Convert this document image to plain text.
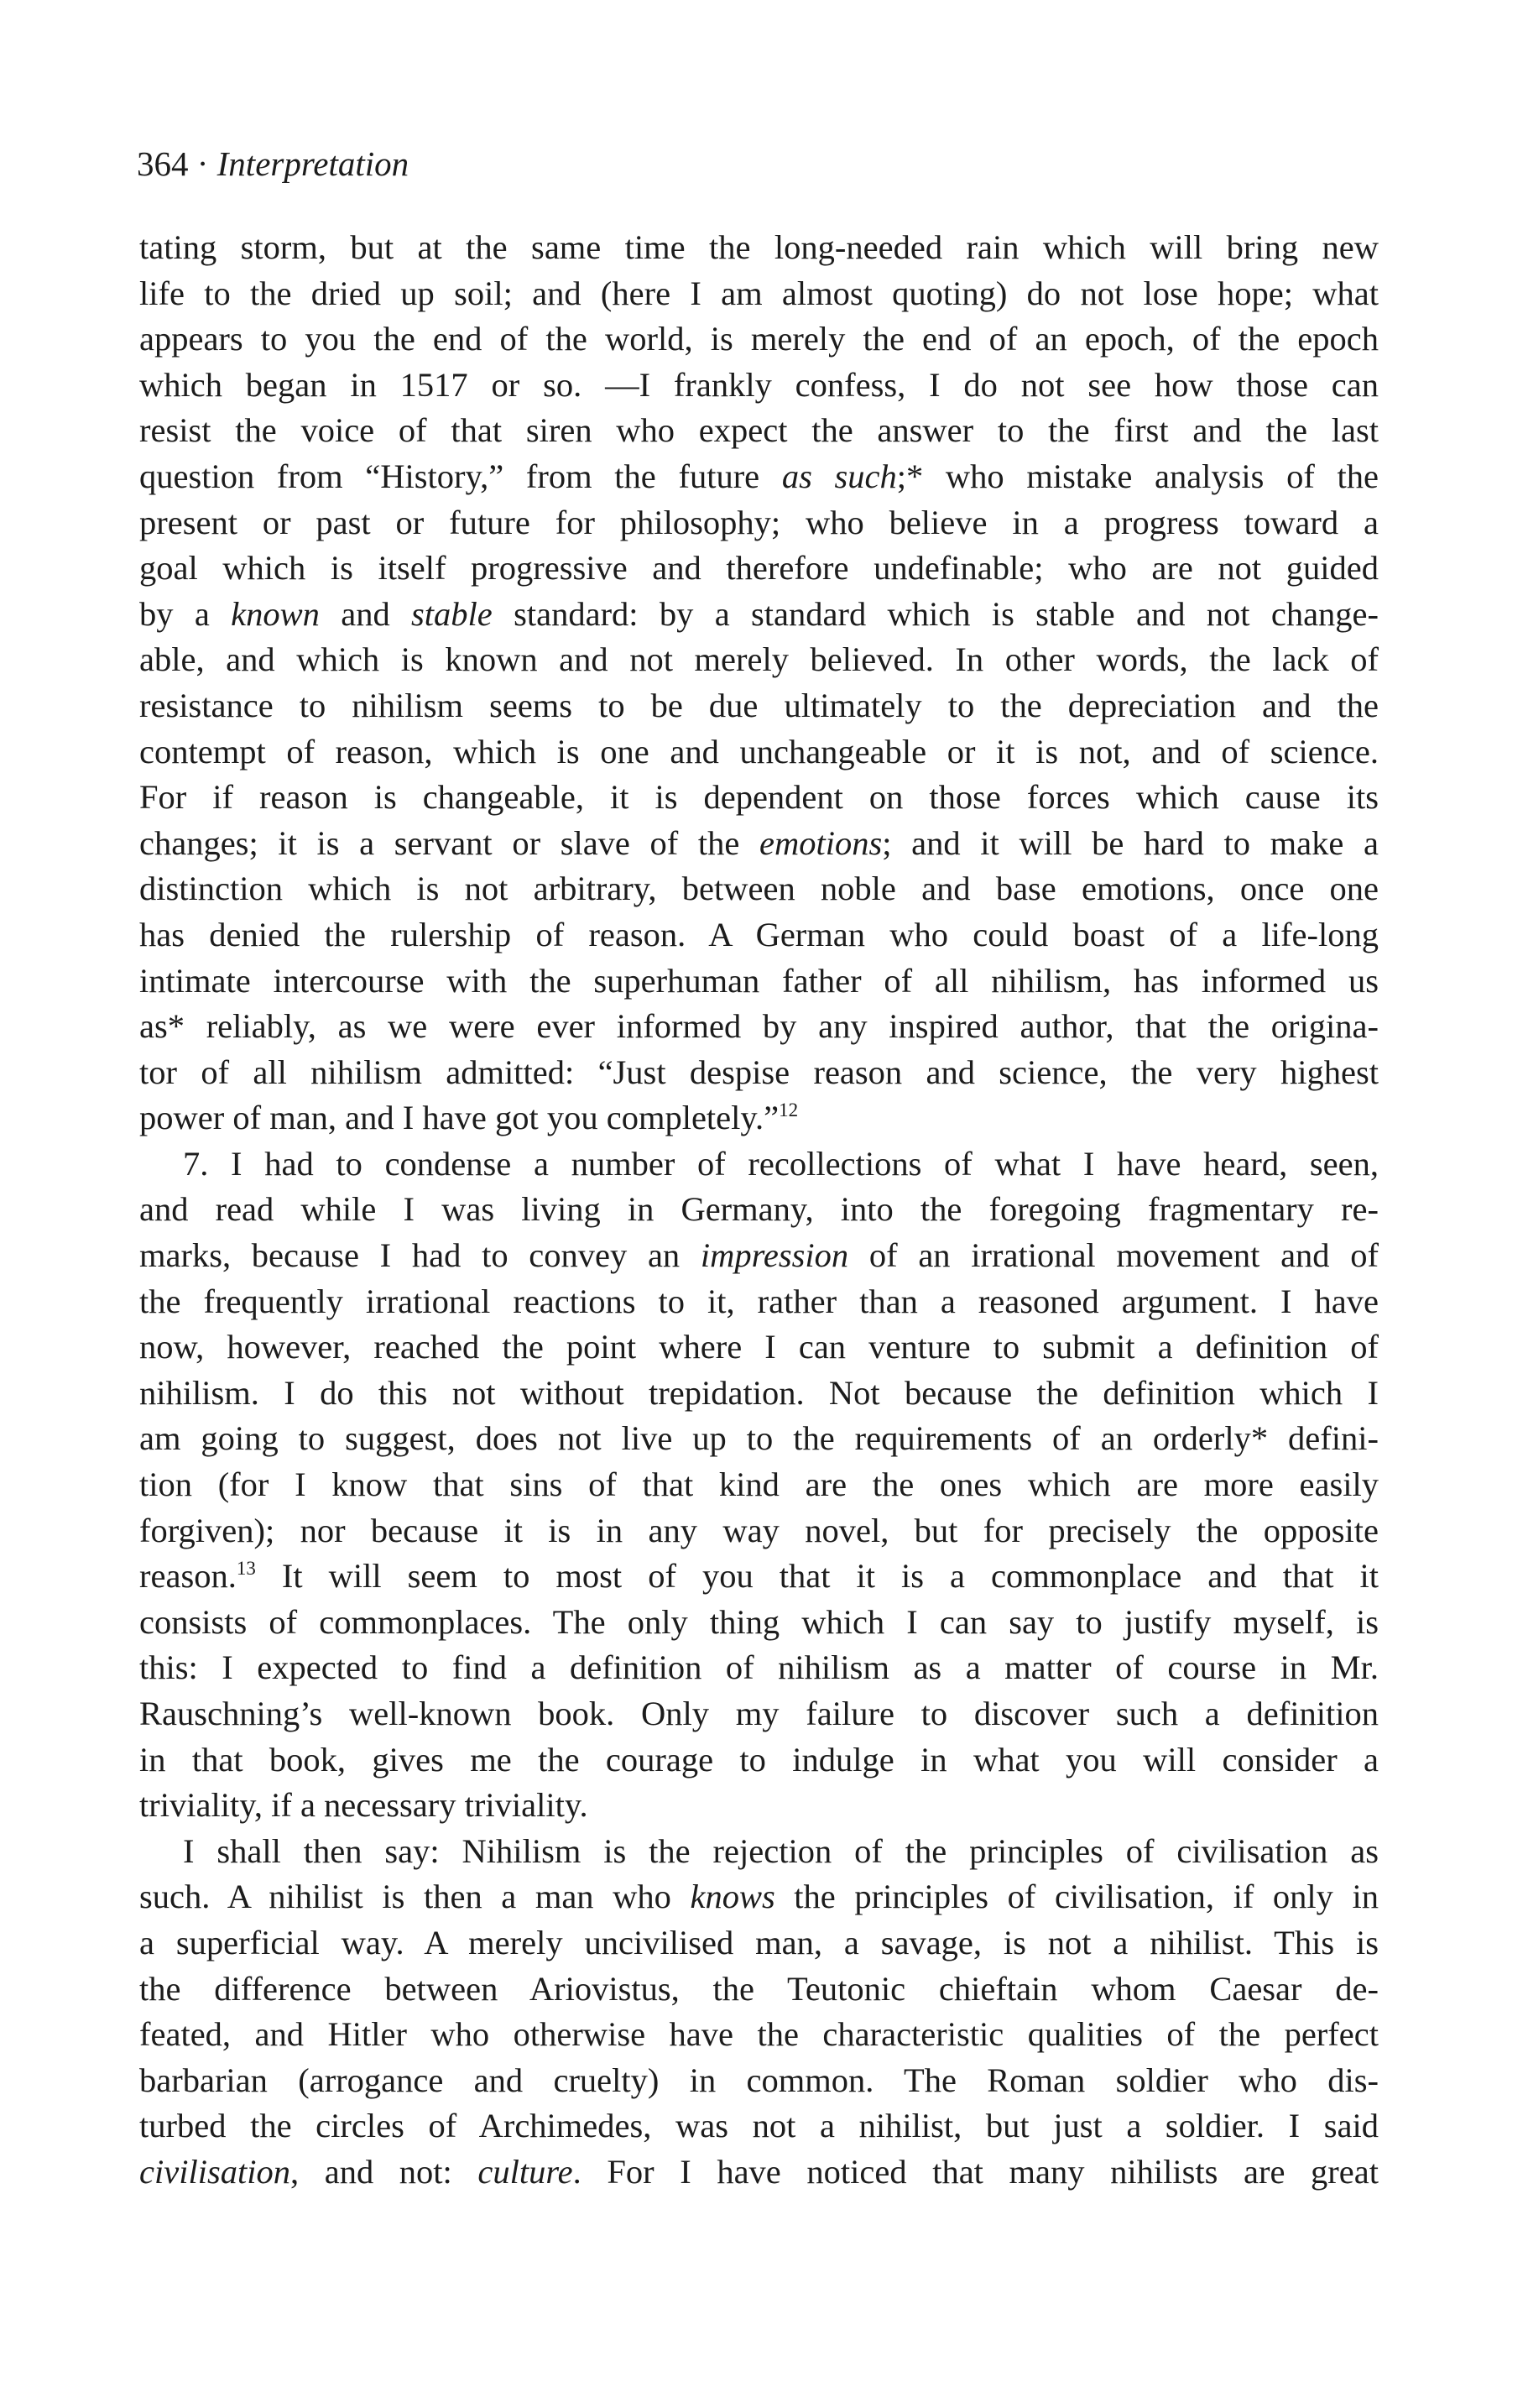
364 · Interpretation
tating storm, but at the same time the long-needed rain which will bring new
life to the dried up soil; and (here I am almost quoting) do not lose hope; what
appears to you the end of the world, is merely the end of an epoch, of the epoch
which began in 1517 or so. —I frankly confess, I do not see how those can
resist the voice of that siren who expect the answer to the first and the last
question from “History,” from the future as such;* who mistake analysis of the
present or past or future for philosophy; who believe in a progress toward a
goal which is itself progressive and therefore undefinable; who are not guided
by a known and stable standard: by a standard which is stable and not change-
able, and which is known and not merely believed. In other words, the lack of
resistance to nihilism seems to be due ultimately to the depreciation and the
contempt of reason, which is one and unchangeable or it is not, and of science.
For if reason is changeable, it is dependent on those forces which cause its
changes; it is a servant or slave of the emotions; and it will be hard to make a
distinction which is not arbitrary, between noble and base emotions, once one
has denied the rulership of reason. A German who could boast of a life-long
intimate intercourse with the superhuman father of all nihilism, has informed us
as* reliably, as we were ever informed by any inspired author, that the origina-
tor of all nihilism admitted: “Just despise reason and science, the very highest
power of man, and I have got you completely.”$^{12}$
7. I had to condense a number of recollections of what I have heard, seen,
and read while I was living in Germany, into the foregoing fragmentary re-
marks, because I had to convey an impression of an irrational movement and of
the frequently irrational reactions to it, rather than a reasoned argument. I have
now, however, reached the point where I can venture to submit a definition of
nihilism. I do this not without trepidation. Not because the definition which I
am going to suggest, does not live up to the requirements of an orderly* defini-
tion (for I know that sins of that kind are the ones which are more easily
forgiven); nor because it is in any way novel, but for precisely the opposite
reason.$^{13}$ It will seem to most of you that it is a commonplace and that it
consists of commonplaces. The only thing which I can say to justify myself, is
this: I expected to find a definition of nihilism as a matter of course in Mr.
Rauschning’s well-known book. Only my failure to discover such a definition
in that book, gives me the courage to indulge in what you will consider a
triviality, if a necessary triviality.
I shall then say: Nihilism is the rejection of the principles of civilisation as
such. A nihilist is then a man who knows the principles of civilisation, if only in
a superficial way. A merely uncivilised man, a savage, is not a nihilist. This is
the difference between Ariovistus, the Teutonic chieftain whom Caesar de-
feated, and Hitler who otherwise have the characteristic qualities of the perfect
barbarian (arrogance and cruelty) in common. The Roman soldier who dis-
turbed the circles of Archimedes, was not a nihilist, but just a soldier. I said
civilisation, and not: culture. For I have noticed that many nihilists are great
